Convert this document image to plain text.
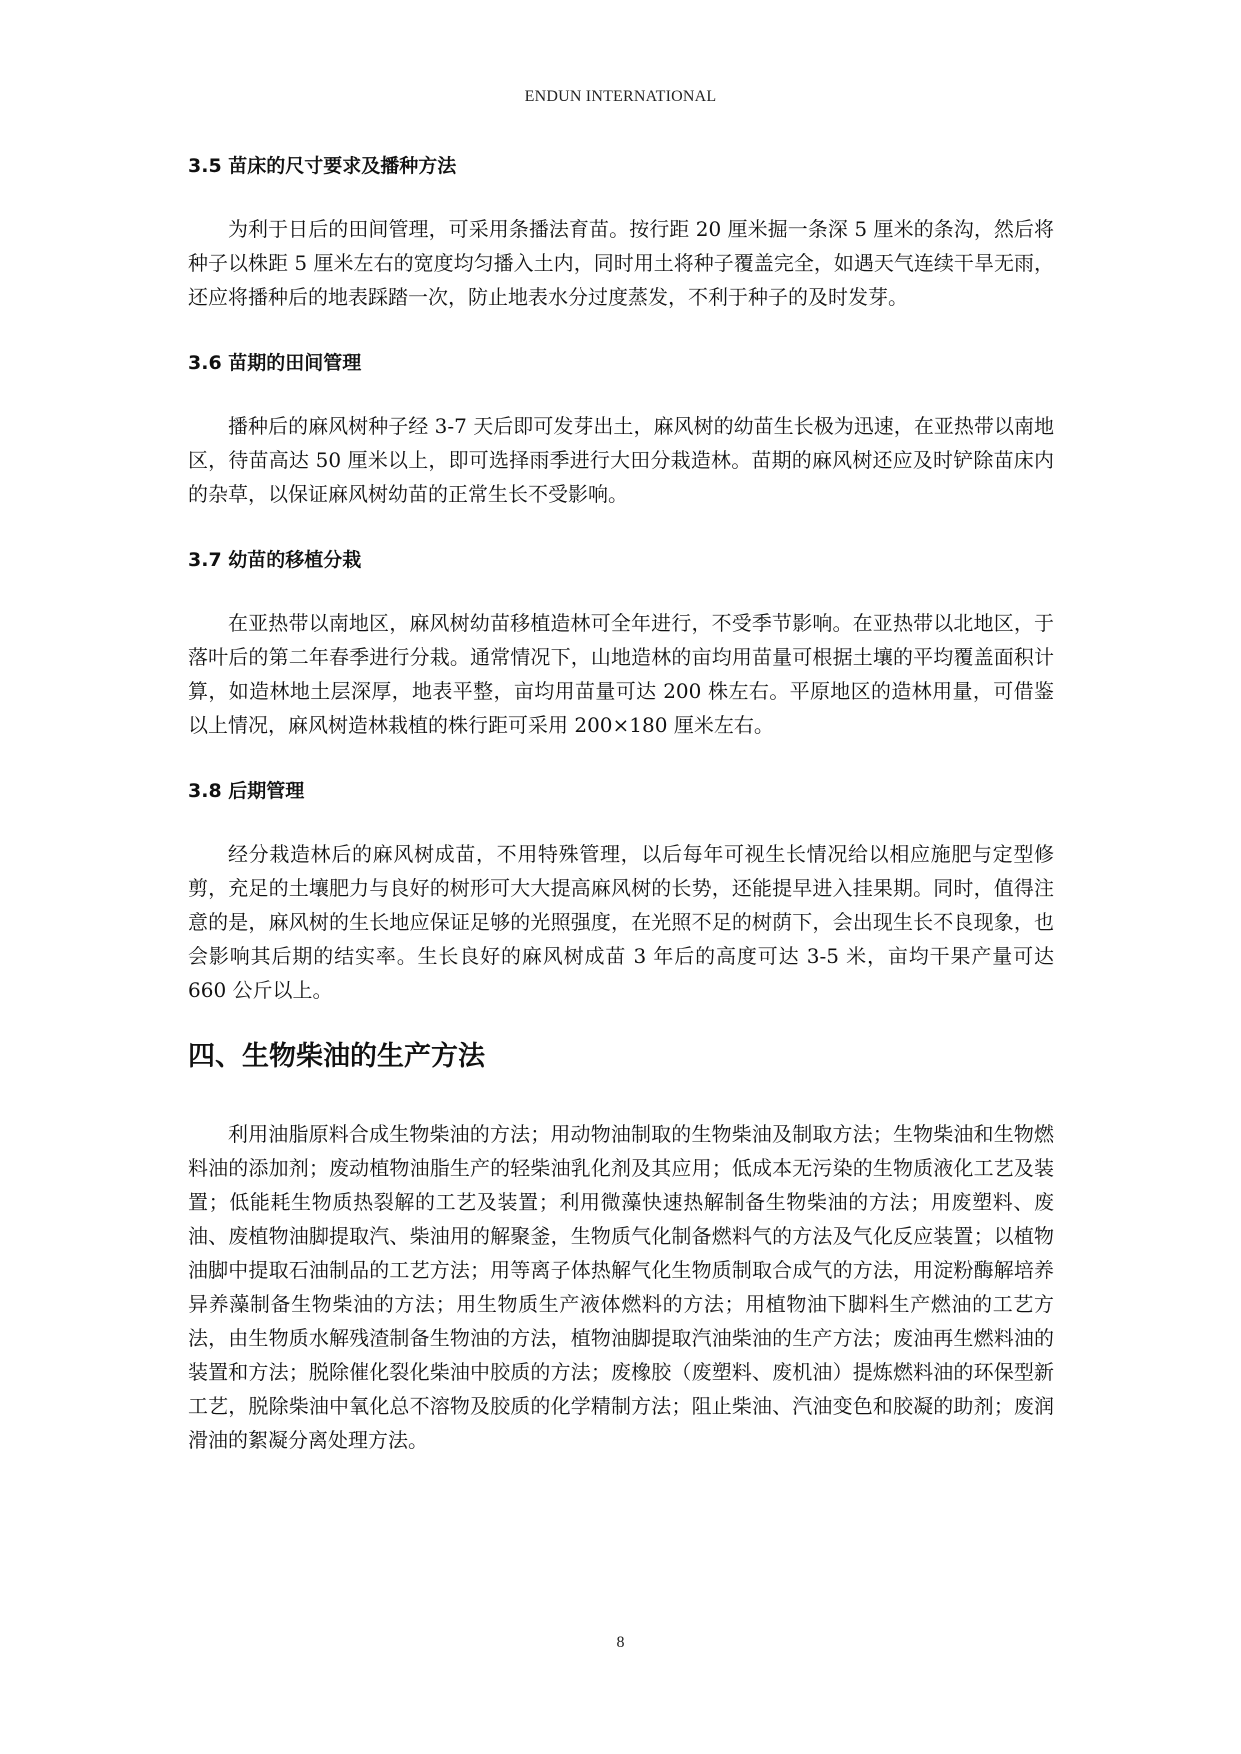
ENDUN INTERNATIONAL
3.5 苗床的尺寸要求及播种方法

为利于日后的田间管理，可采用条播法育苗。按行距 20 厘米掘一条深 5 厘米的条沟，然后将种子以株距 5 厘米左右的宽度均匀播入土内，同时用土将种子覆盖完全，如遇天气连续干旱无雨，还应将播种后的地表踩踏一次，防止地表水分过度蒸发，不利于种子的及时发芽。

3.6 苗期的田间管理

播种后的麻风树种子经 3-7 天后即可发芽出土，麻风树的幼苗生长极为迅速，在亚热带以南地区，待苗高达 50 厘米以上，即可选择雨季进行大田分栽造林。苗期的麻风树还应及时铲除苗床内的杂草，以保证麻风树幼苗的正常生长不受影响。

3.7 幼苗的移植分栽

在亚热带以南地区，麻风树幼苗移植造林可全年进行，不受季节影响。在亚热带以北地区，于落叶后的第二年春季进行分栽。通常情况下，山地造林的亩均用苗量可根据土壤的平均覆盖面积计算，如造林地土层深厚，地表平整，亩均用苗量可达 200 株左右。平原地区的造林用量，可借鉴以上情况，麻风树造林栽植的株行距可采用 200×180 厘米左右。

3.8 后期管理

经分栽造林后的麻风树成苗，不用特殊管理，以后每年可视生长情况给以相应施肥与定型修剪，充足的土壤肥力与良好的树形可大大提高麻风树的长势，还能提早进入挂果期。同时，值得注意的是，麻风树的生长地应保证足够的光照强度，在光照不足的树荫下，会出现生长不良现象，也会影响其后期的结实率。生长良好的麻风树成苗 3 年后的高度可达 3-5 米，亩均干果产量可达 660 公斤以上。

四、生物柴油的生产方法

利用油脂原料合成生物柴油的方法；用动物油制取的生物柴油及制取方法；生物柴油和生物燃料油的添加剂；废动植物油脂生产的轻柴油乳化剂及其应用；低成本无污染的生物质液化工艺及装置；低能耗生物质热裂解的工艺及装置；利用微藻快速热解制备生物柴油的方法；用废塑料、废油、废植物油脚提取汽、柴油用的解聚釜，生物质气化制备燃料气的方法及气化反应装置；以植物油脚中提取石油制品的工艺方法；用等离子体热解气化生物质制取合成气的方法，用淀粉酶解培养异养藻制备生物柴油的方法；用生物质生产液体燃料的方法；用植物油下脚料生产燃油的工艺方法，由生物质水解残渣制备生物油的方法，植物油脚提取汽油柴油的生产方法；废油再生燃料油的装置和方法；脱除催化裂化柴油中胶质的方法；废橡胶（废塑料、废机油）提炼燃料油的环保型新工艺，脱除柴油中氧化总不溶物及胶质的化学精制方法；阻止柴油、汽油变色和胶凝的助剂；废润滑油的絮凝分离处理方法。

8
